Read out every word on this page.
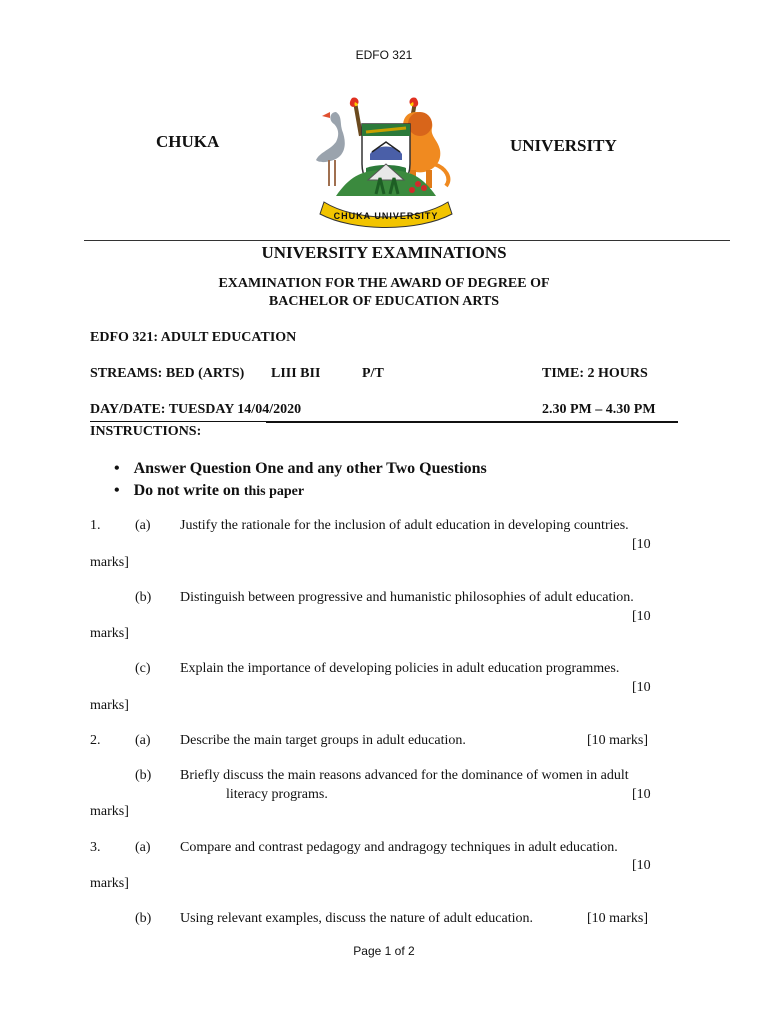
EDFO 321
CHUKA	UNIVERSITY
CHUKA UNIVERSITY
UNIVERSITY EXAMINATIONS
EXAMINATION FOR THE AWARD OF DEGREE OF
BACHELOR OF EDUCATION ARTS
EDFO 321: ADULT EDUCATION
STREAMS: BED (ARTS) LIII BII	P/T	TIME: 2 HOURS
DAY/DATE: TUESDAY 14/04/2020	2.30 PM – 4.30 PM
INSTRUCTIONS:
• Answer Question One and any other Two Questions
• Do not write on this paper
1. (a) Justify the rationale for the inclusion of adult education in developing countries.
[10
marks]
(b) Distinguish between progressive and humanistic philosophies of adult education.
[10
marks]
(c) Explain the importance of developing policies in adult education programmes.
[10
marks]
2. (a) Describe the main target groups in adult education.	[10 marks]
(b) Briefly discuss the main reasons advanced for the dominance of women in adult
literacy programs.	[10
marks]
3. (a) Compare and contrast pedagogy and andragogy techniques in adult education.
[10
marks]
(b) Using relevant examples, discuss the nature of adult education.	[10 marks]
Page 1 of 2
